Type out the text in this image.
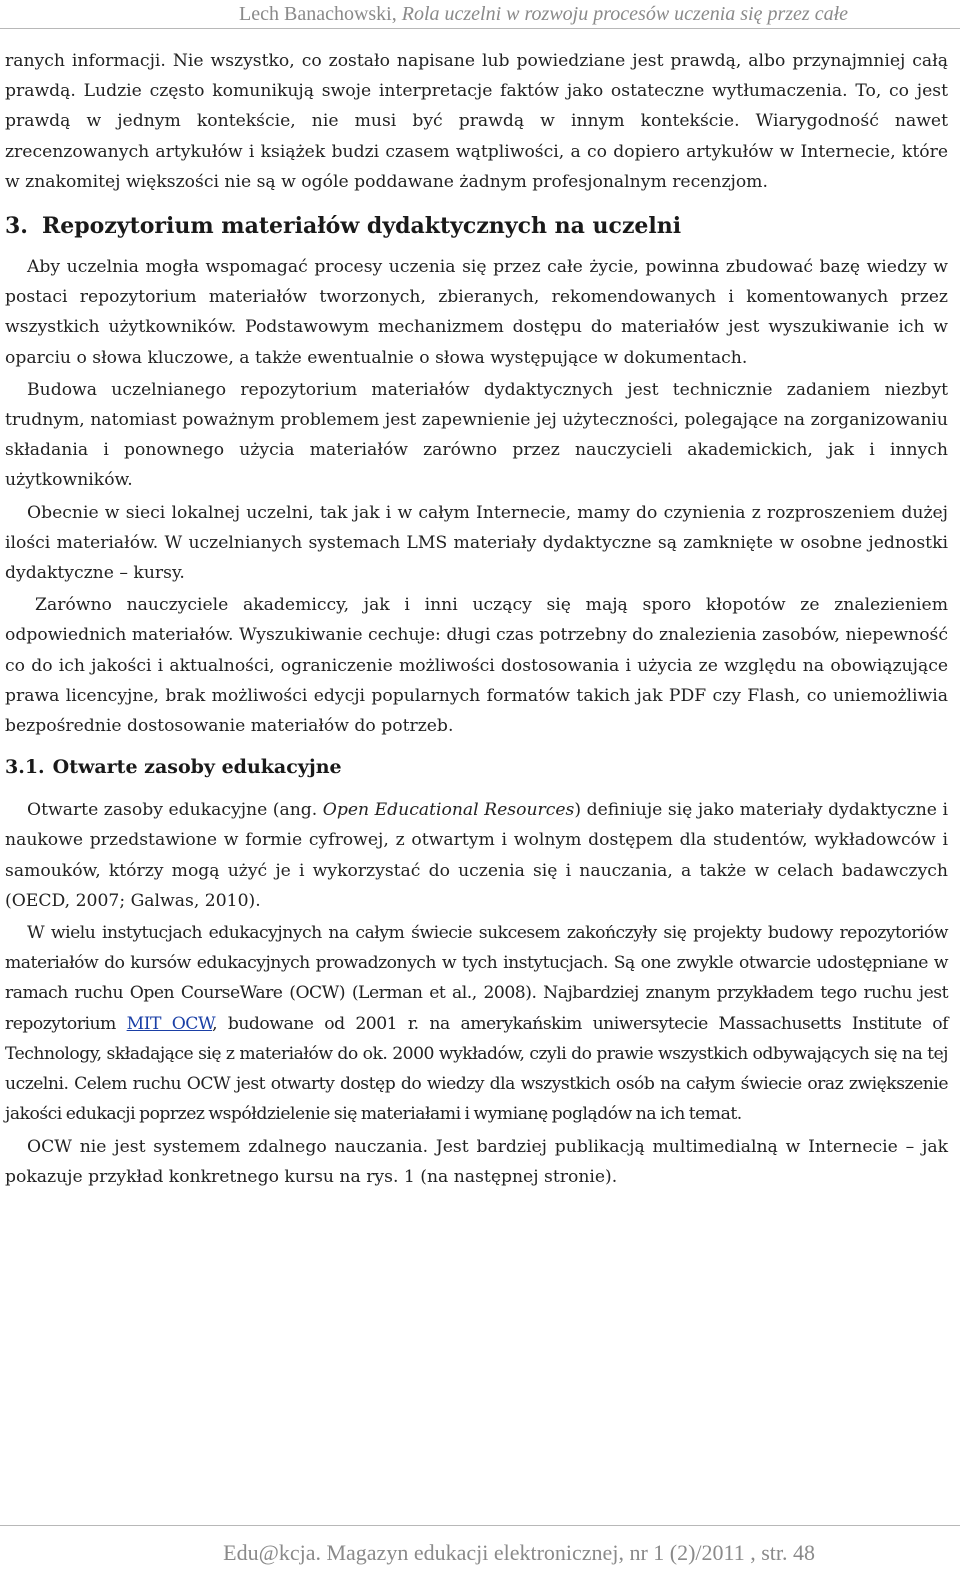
Lech Banachowski, Rola uczelni w rozwoju procesów uczenia się przez całe

ranych informacji. Nie wszystko, co zostało napisane lub powiedziane jest prawdą, albo przynajmniej całą prawdą. Ludzie często komunikują swoje interpretacje faktów jako ostateczne wytłumaczenia. To, co jest prawdą w jednym kontekście, nie musi być prawdą w innym kontekście. Wiarygodność nawet zrecenzowanych artykułów i książek budzi czasem wątpliwości, a co dopiero artykułów w Internecie, które w znakomitej większości nie są w ogóle poddawane żadnym profesjonalnym recenzjom.

3. Repozytorium materiałów dydaktycznych na uczelni

Aby uczelnia mogła wspomagać procesy uczenia się przez całe życie, powinna zbudować bazę wiedzy w postaci repozytorium materiałów tworzonych, zbieranych, rekomendowanych i komentowanych przez wszystkich użytkowników. Podstawowym mechanizmem dostępu do materiałów jest wyszukiwanie ich w oparciu o słowa kluczowe, a także ewentualnie o słowa występujące w dokumentach.

Budowa uczelnianego repozytorium materiałów dydaktycznych jest technicznie zadaniem niezbyt trudnym, natomiast poważnym problemem jest zapewnienie jej użyteczności, polegające na zorganizowaniu składania i ponownego użycia materiałów zarówno przez nauczycieli akademickich, jak i innych użytkowników.

Obecnie w sieci lokalnej uczelni, tak jak i w całym Internecie, mamy do czynienia z rozproszeniem dużej ilości materiałów. W uczelnianych systemach LMS materiały dydaktyczne są zamknięte w osobne jednostki dydaktyczne – kursy.

Zarówno nauczyciele akademiccy, jak i inni uczący się mają sporo kłopotów ze znalezieniem odpowiednich materiałów. Wyszukiwanie cechuje: długi czas potrzebny do znalezienia zasobów, niepewność co do ich jakości i aktualności, ograniczenie możliwości dostosowania i użycia ze względu na obowiązujące prawa licencyjne, brak możliwości edycji popularnych formatów takich jak PDF czy Flash, co uniemożliwia bezpośrednie dostosowanie materiałów do potrzeb.

3.1. Otwarte zasoby edukacyjne

Otwarte zasoby edukacyjne (ang. Open Educational Resources) definiuje się jako materiały dydaktyczne i naukowe przedstawione w formie cyfrowej, z otwartym i wolnym dostępem dla studentów, wykładowców i samouków, którzy mogą użyć je i wykorzystać do uczenia się i nauczania, a także w celach badawczych (OECD, 2007; Galwas, 2010).

W wielu instytucjach edukacyjnych na całym świecie sukcesem zakończyły się projekty budowy repozytoriów materiałów do kursów edukacyjnych prowadzonych w tych instytucjach. Są one zwykle otwarcie udostępniane w ramach ruchu Open CourseWare (OCW) (Lerman et al., 2008). Najbardziej znanym przykładem tego ruchu jest repozytorium MIT OCW, budowane od 2001 r. na amerykańskim uniwersytecie Massachusetts Institute of Technology, składające się z materiałów do ok. 2000 wykładów, czyli do prawie wszystkich odbywających się na tej uczelni. Celem ruchu OCW jest otwarty dostęp do wiedzy dla wszystkich osób na całym świecie oraz zwiększenie jakości edukacji poprzez współdzielenie się materiałami i wymianę poglądów na ich temat.

OCW nie jest systemem zdalnego nauczania. Jest bardziej publikacją multimedialną w Internecie – jak pokazuje przykład konkretnego kursu na rys. 1 (na następnej stronie).

Edu@kcja. Magazyn edukacji elektronicznej, nr 1 (2)/2011 , str. 48
